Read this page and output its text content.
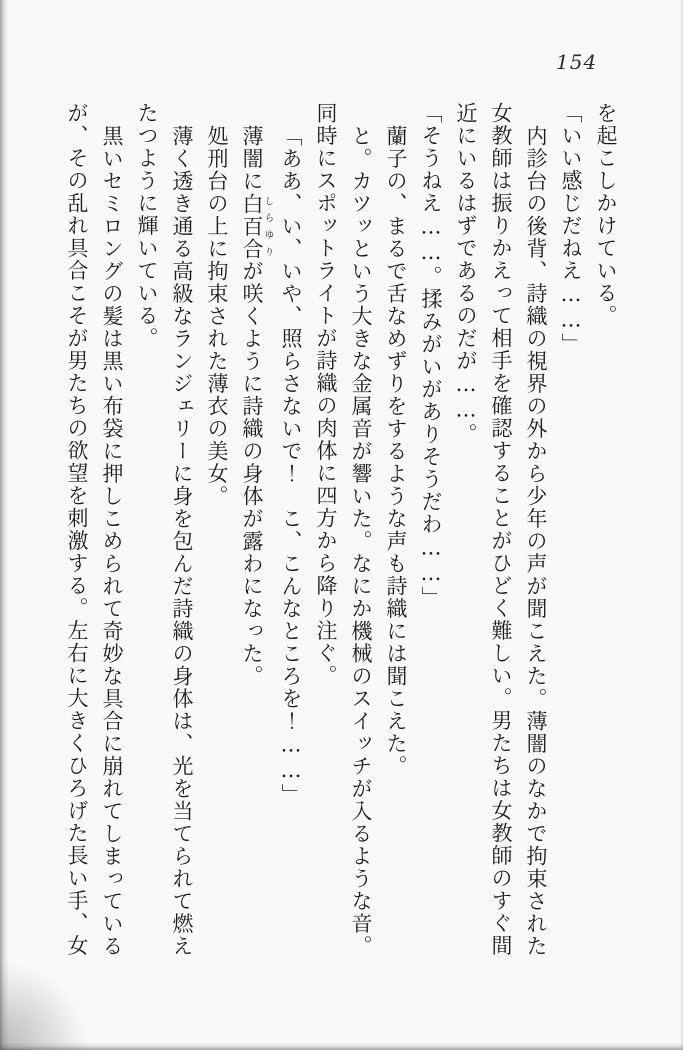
154

を起こしかけている。

「いい感じだねえ……」

内診台の後背、詩織の視界の外から少年の声が聞こえた。薄闇のなかで拘束された

女教師は振りかえって相手を確認することがひどく難しい。男たちは女教師のすぐ間

近にいるはずであるのだが……。

「そうねえ……。揉みがいがありそうだわ……」

蘭子の、まるで舌なめずりをするような声も詩織には聞こえた。

と。カツッという大きな金属音が響いた。なにか機械のスイッチが入るような音。

同時にスポットライトが詩織の肉体に四方から降り注ぐ。

「ああ、い、いや、照らさないで！　こ、こんなところを！……」

薄闇に白百合しらゆりが咲くように詩織の身体が露わになった。

処刑台の上に拘束された薄衣の美女。

薄く透き通る高級なランジェリーに身を包んだ詩織の身体は、光を当てられて燃え

たつように輝いている。

黒いセミロングの髪は黒い布袋に押しこめられて奇妙な具合に崩れてしまっている

が、その乱れ具合こそが男たちの欲望を刺激する。左右に大きくひろげた長い手、女
